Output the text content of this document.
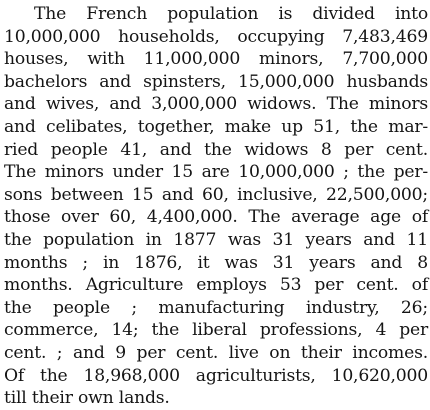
The French population is divided into
10,000,000 households, occupying 7,483,469
houses, with 11,000,000 minors, 7,700,000
bachelors and spinsters, 15,000,000 husbands
and wives, and 3,000,000 widows. The minors
and celibates, together, make up 51, the mar-
ried people 41, and the widows 8 per cent.
The minors under 15 are 10,000,000 ; the per-
sons between 15 and 60, inclusive, 22,500,000;
those over 60, 4,400,000. The average age of
the population in 1877 was 31 years and 11
months ; in 1876, it was 31 years and 8
months. Agriculture employs 53 per cent. of
the people ; manufacturing industry, 26;
commerce, 14; the liberal professions, 4 per
cent. ; and 9 per cent. live on their incomes.
Of the 18,968,000 agriculturists, 10,620,000
till their own lands.
